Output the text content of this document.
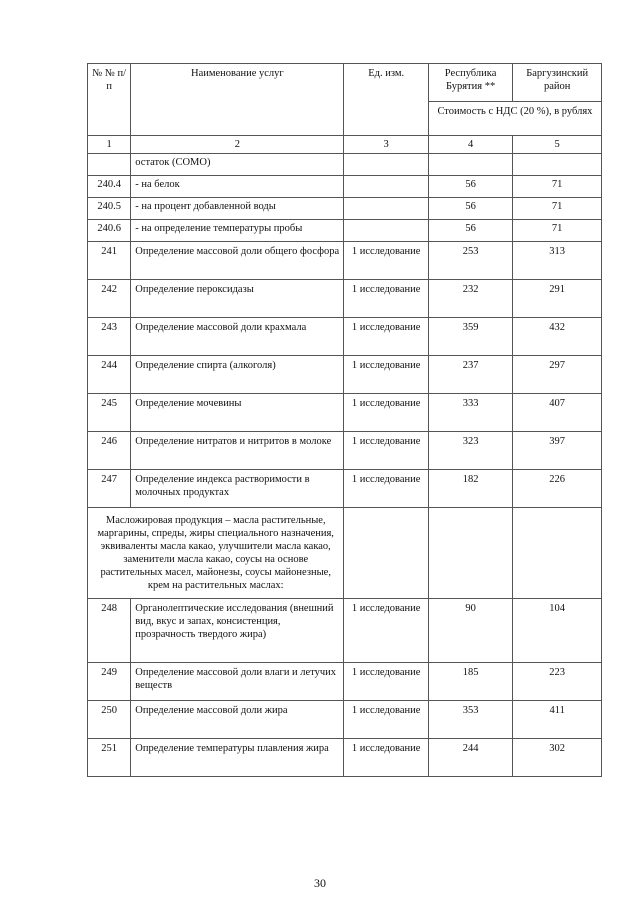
№ № п/п	Наименование услуг	Ед. изм.	Республика Бурятия **	Баргузинский район
			Стоимость с НДС (20 %), в рублях	
1	2	3	4	5
	остаток (СОМО)			
240.4	- на белок		56	71
240.5	- на процент добавленной воды		56	71
240.6	- на определение температуры пробы		56	71
241	Определение массовой доли общего фосфора	1 исследование	253	313
242	Определение пероксидазы	1 исследование	232	291
243	Определение массовой доли крахмала	1 исследование	359	432
244	Определение спирта (алкоголя)	1 исследование	237	297
245	Определение мочевины	1 исследование	333	407
246	Определение нитратов и нитритов в молоке	1 исследование	323	397
247	Определение индекса растворимости в молочных продуктах	1 исследование	182	226
Масложировая продукция – масла растительные, маргарины, спреды, жиры специального назначения, эквиваленты масла какао, улучшители масла какао, заменители масла какао, соусы на основе растительных масел, майонезы, соусы майонезные, крем на растительных маслах:				
248	Органолептические исследования (внешний вид, вкус и запах, консистенция, прозрачность твердого жира)	1 исследование	90	104
249	Определение массовой доли влаги и летучих веществ	1 исследование	185	223
250	Определение массовой доли жира	1 исследование	353	411
251	Определение температуры плавления жира	1 исследование	244	302
30
